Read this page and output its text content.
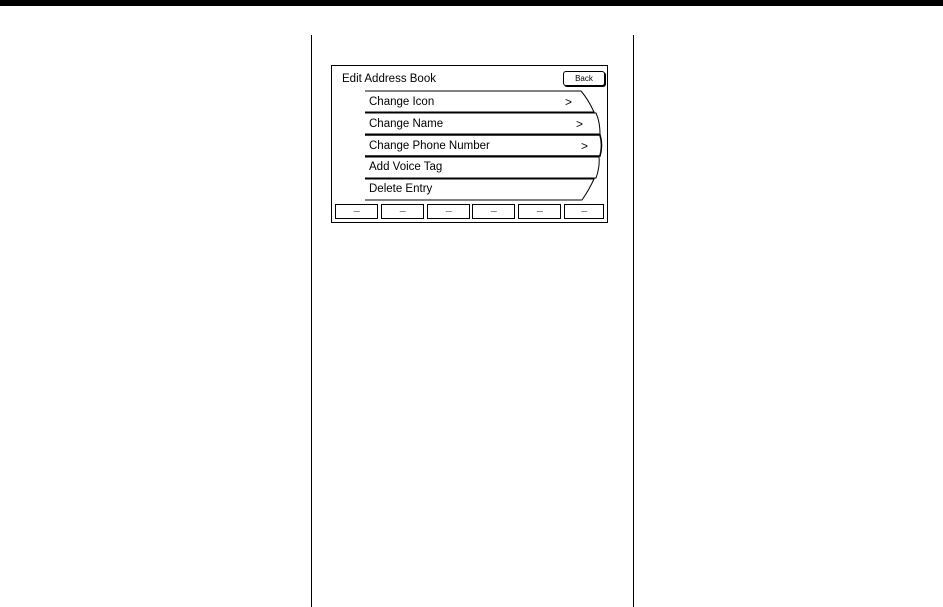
Edit Address Book	Back
Change Icon	>
Change Name	>
Change Phone Number	>
Add Voice Tag
Delete Entry
----	----	----	----	----	----
